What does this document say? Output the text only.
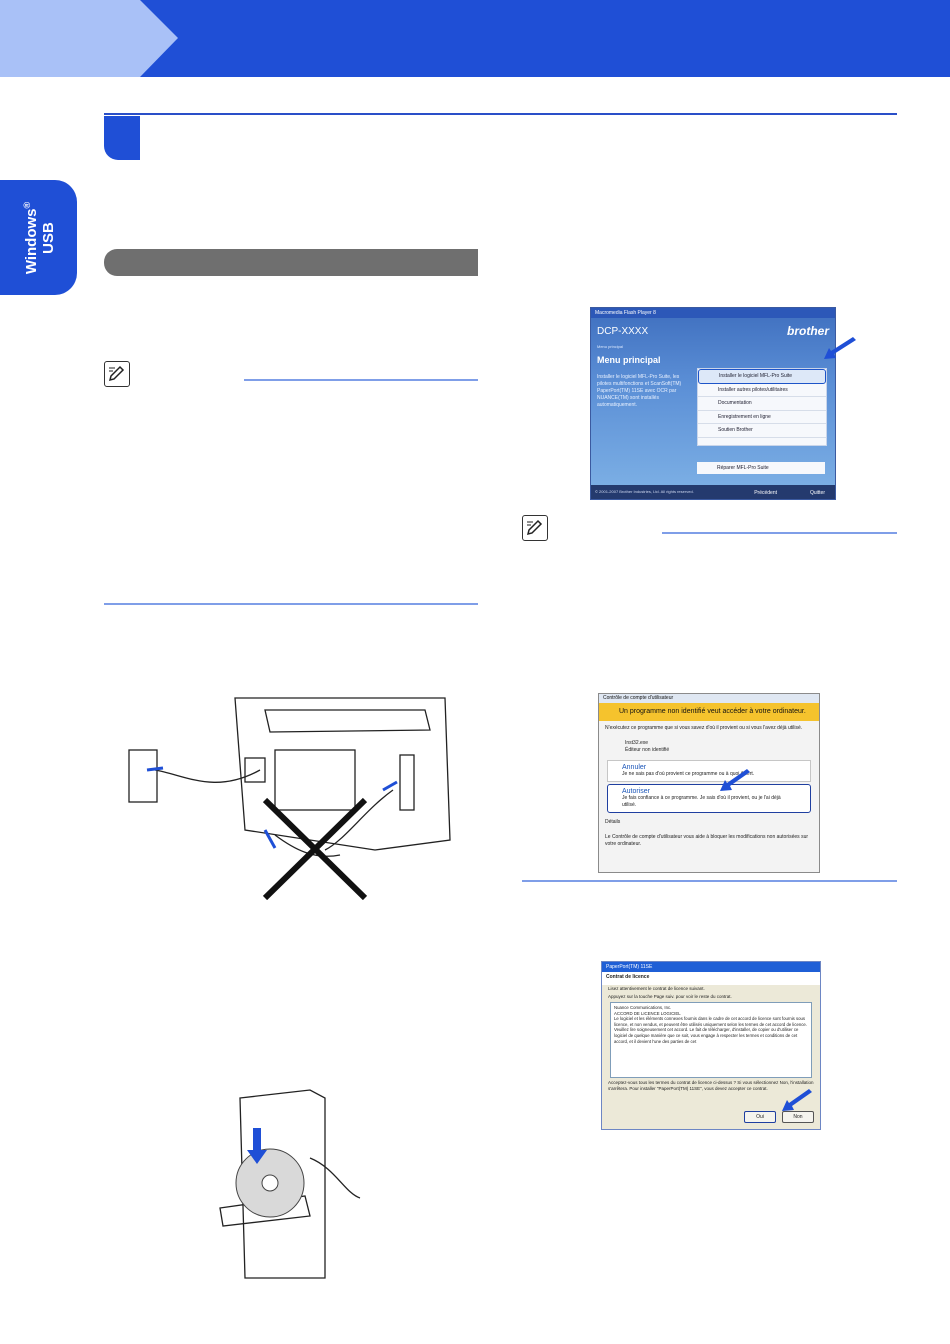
Windows®
USB
Macromedia Flash Player 8
DCP-XXXX	brother
Menu principal
Menu principal
Installer le logiciel MFL-Pro Suite, les pilotes multifonctions et ScanSoft(TM) PaperPort(TM) 11SE avec OCR par NUANCE(TM) sont installés automatiquement.
Installer le logiciel MFL-Pro Suite
Installer autres pilotes/utilitaires
Documentation
Enregistrement en ligne
Soutien Brother
Réparer MFL-Pro Suite
© 2001-2007 Brother Industries, Ltd. All rights reserved.	Précédent	Quitter
Contrôle de compte d'utilisateur
Un programme non identifié veut accéder à votre ordinateur.
N'exécutez ce programme que si vous savez d'où il provient ou si vous l'avez déjà utilisé.
Inst32.exe
Éditeur non identifié
Annuler
Je ne sais pas d'où provient ce programme ou à quoi il sert.
Autoriser
Je fais confiance à ce programme. Je sais d'où il provient, ou je l'ai déjà utilisé.
Détails
Le Contrôle de compte d'utilisateur vous aide à bloquer les modifications non autorisées sur votre ordinateur.
PaperPort(TM) 11SE
Contrat de licence
Lisez attentivement le contrat de licence suivant.
Appuyez sur la touche Page suiv. pour voir le reste du contrat.
Nuance Communications, Inc.
ACCORD DE LICENCE LOGICIEL
Le logiciel et les éléments connexes fournis dans le cadre de cet accord de licence sont fournis sous licence, et non vendus, et peuvent être utilisés uniquement selon les termes de cet accord de licence. Veuillez lire soigneusement cet accord. Le fait de télécharger, d'installer, de copier ou d'utiliser ce logiciel de quelque manière que ce soit, vous engage à respecter les termes et conditions de cet accord, et il devient l'une des parties de cet
Acceptez-vous tous les termes du contrat de licence ci-dessus ? Si vous sélectionnez Non, l'installation s'arrêtera. Pour installer "PaperPort(TM) 11SE", vous devez accepter ce contrat.
Oui	Non
